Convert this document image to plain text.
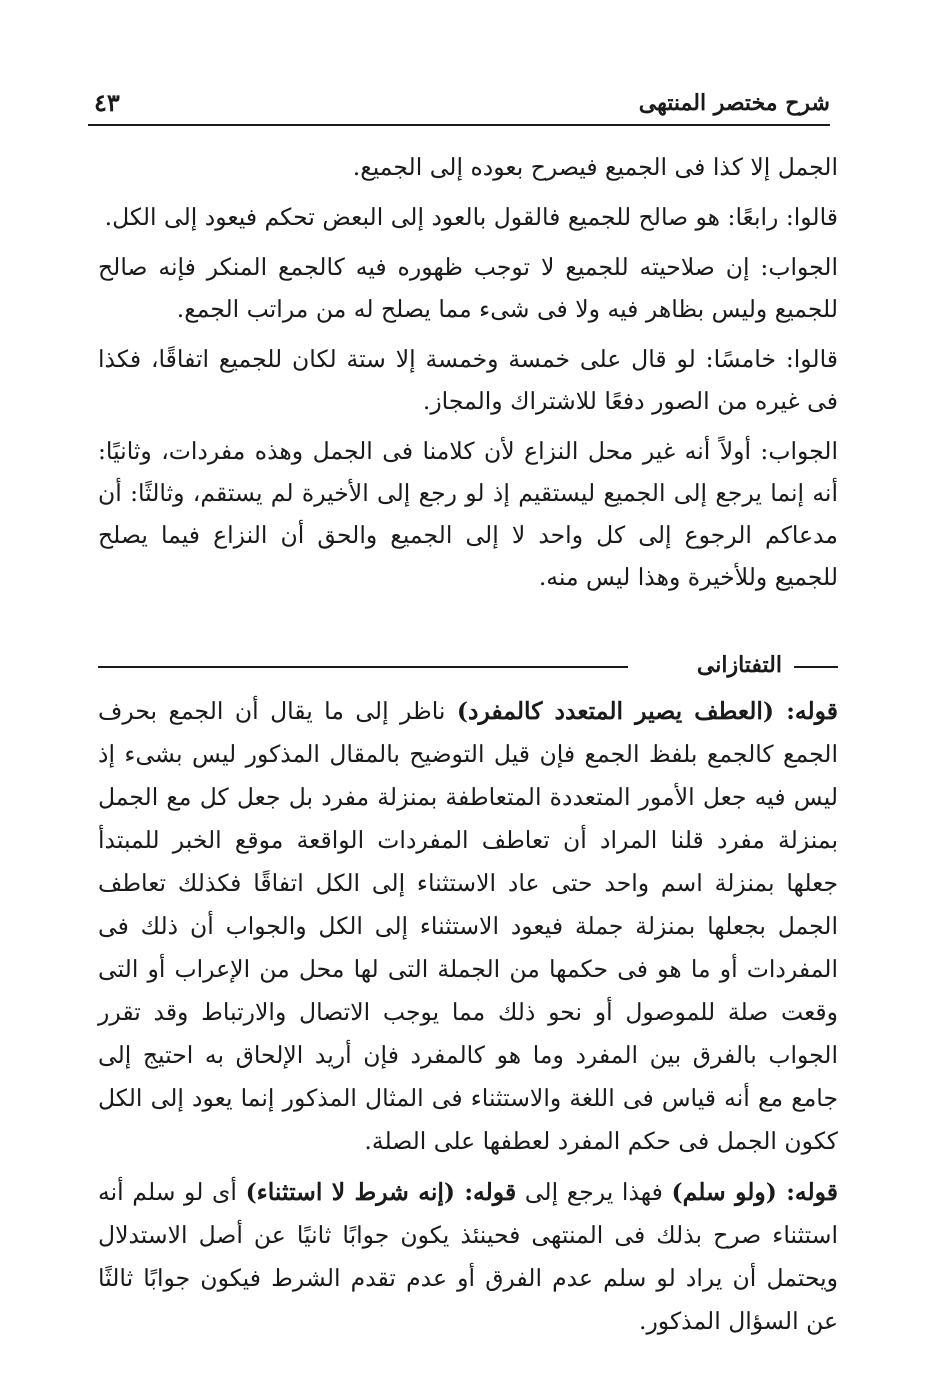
شرح مختصر المنتهى
٤٣

الجمل إلا كذا فى الجميع فيصرح بعوده إلى الجميع.

قالوا: رابعًا: هو صالح للجميع فالقول بالعود إلى البعض تحكم فيعود إلى الكل.

الجواب: إن صلاحيته للجميع لا توجب ظهوره فيه كالجمع المنكر فإنه صالح للجميع وليس بظاهر فيه ولا فى شىء مما يصلح له من مراتب الجمع.

قالوا: خامسًا: لو قال على خمسة وخمسة إلا ستة لكان للجميع اتفاقًا، فكذا فى غيره من الصور دفعًا للاشتراك والمجاز.

الجواب: أولاً أنه غير محل النزاع لأن كلامنا فى الجمل وهذه مفردات، وثانيًا: أنه إنما يرجع إلى الجميع ليستقيم إذ لو رجع إلى الأخيرة لم يستقم، وثالثًا: أن مدعاكم الرجوع إلى كل واحد لا إلى الجميع والحق أن النزاع فيما يصلح للجميع وللأخيرة وهذا ليس منه.

التفتازانى

قوله: (العطف يصير المتعدد كالمفرد) ناظر إلى ما يقال أن الجمع بحرف الجمع كالجمع بلفظ الجمع فإن قيل التوضيح بالمقال المذكور ليس بشىء إذ ليس فيه جعل الأمور المتعددة المتعاطفة بمنزلة مفرد بل جعل كل مع الجمل بمنزلة مفرد قلنا المراد أن تعاطف المفردات الواقعة موقع الخبر للمبتدأ جعلها بمنزلة اسم واحد حتى عاد الاستثناء إلى الكل اتفاقًا فكذلك تعاطف الجمل بجعلها بمنزلة جملة فيعود الاستثناء إلى الكل والجواب أن ذلك فى المفردات أو ما هو فى حكمها من الجملة التى لها محل من الإعراب أو التى وقعت صلة للموصول أو نحو ذلك مما يوجب الاتصال والارتباط وقد تقرر الجواب بالفرق بين المفرد وما هو كالمفرد فإن أريد الإلحاق به احتيج إلى جامع مع أنه قياس فى اللغة والاستثناء فى المثال المذكور إنما يعود إلى الكل ككون الجمل فى حكم المفرد لعطفها على الصلة.

قوله: (ولو سلم) فهذا يرجع إلى قوله: (إنه شرط لا استثناء) أى لو سلم أنه استثناء صرح بذلك فى المنتهى فحينئذ يكون جوابًا ثانيًا عن أصل الاستدلال ويحتمل أن يراد لو سلم عدم الفرق أو عدم تقدم الشرط فيكون جوابًا ثالثًا عن السؤال المذكور.
